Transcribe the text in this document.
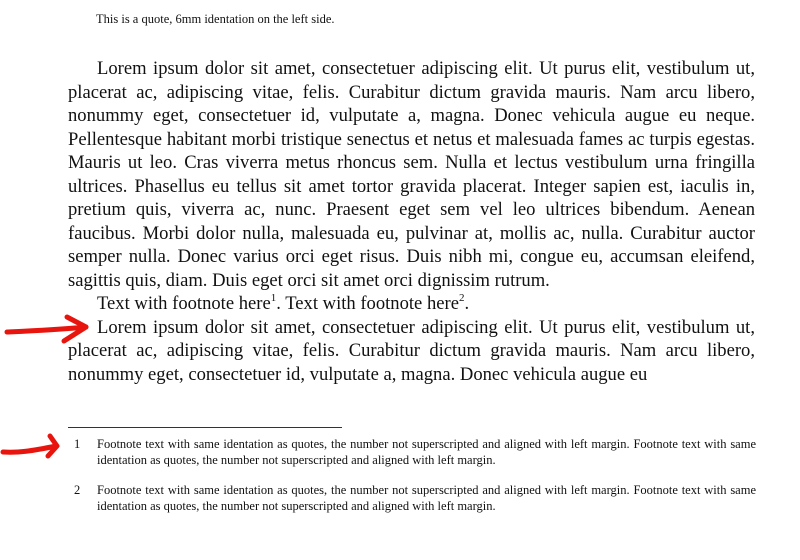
This is a quote, 6mm identation on the left side.

Lorem ipsum dolor sit amet, consectetuer adipiscing elit. Ut purus elit, vestibulum ut, placerat ac, adipiscing vitae, felis. Curabitur dictum gravida mauris. Nam arcu libero, nonummy eget, consectetuer id, vulputate a, magna. Donec vehicula augue eu neque. Pellentesque habitant morbi tristique senectus et netus et malesuada fames ac turpis egestas. Mauris ut leo. Cras viverra metus rhoncus sem. Nulla et lectus vestibulum urna fringilla ultrices. Phasellus eu tellus sit amet tortor gravida placerat. Integer sapien est, iaculis in, pretium quis, viverra ac, nunc. Praesent eget sem vel leo ultrices bibendum. Aenean faucibus. Morbi dolor nulla, malesuada eu, pulvinar at, mollis ac, nulla. Curabitur auctor semper nulla. Donec varius orci eget risus. Duis nibh mi, congue eu, accumsan eleifend, sagittis quis, diam. Duis eget orci sit amet orci dignissim rutrum.

Text with footnote here$^1$. Text with footnote here$^2$.

Lorem ipsum dolor sit amet, consectetuer adipiscing elit. Ut purus elit, vestibulum ut, placerat ac, adipiscing vitae, felis. Curabitur dictum gravida mauris. Nam arcu libero, nonummy eget, consectetuer id, vulputate a, magna. Donec vehicula augue eu

1 Footnote text with same identation as quotes, the number not superscripted and aligned with left margin. Footnote text with same identation as quotes, the number not superscripted and aligned with left margin.

2 Footnote text with same identation as quotes, the number not superscripted and aligned with left margin. Footnote text with same identation as quotes, the number not superscripted and aligned with left margin.
